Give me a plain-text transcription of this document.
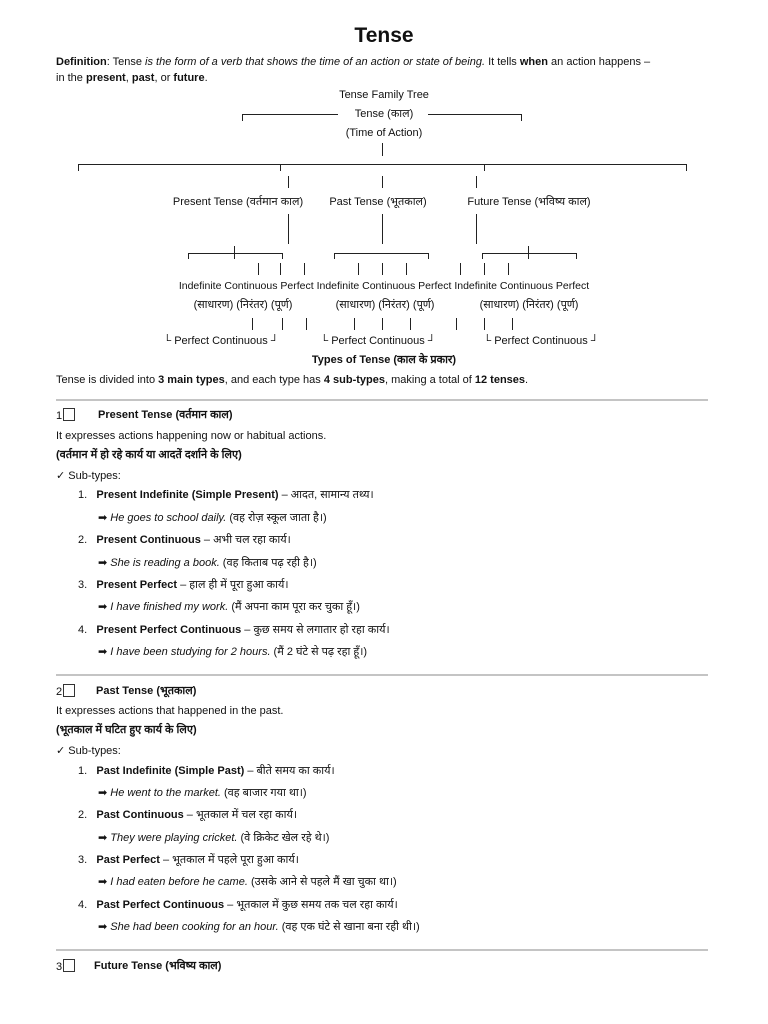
Tense
Definition: Tense is the form of a verb that shows the time of an action or state of being. It tells when an action happens –
in the present, past, or future.
Tense Family Tree
Tense (काल)
(Time of Action)
Present Tense (वर्तमान काल)	Past Tense (भूतकाल)	Future Tense (भविष्य काल)
Indefinite Continuous Perfect Indefinite Continuous Perfect Indefinite Continuous Perfect
(साधारण) (निरंतर) (पूर्ण)	(साधारण) (निरंतर) (पूर्ण)	(साधारण) (निरंतर) (पूर्ण)
└ Perfect Continuous ┘	└ Perfect Continuous ┘	└ Perfect Continuous ┘
Types of Tense (काल के प्रकार)
Tense is divided into 3 main types, and each type has 4 sub-types, making a total of 12 tenses.
1	Present Tense (वर्तमान काल)
It expresses actions happening now or habitual actions.
(वर्तमान में हो रहे कार्य या आदतें दर्शाने के लिए)
✓ Sub-types:
1. Present Indefinite (Simple Present) – आदत, सामान्य तथ्य।
➡ He goes to school daily. (वह रोज़ स्कूल जाता है।)
2. Present Continuous – अभी चल रहा कार्य।
➡ She is reading a book. (वह किताब पढ़ रही है।)
3. Present Perfect – हाल ही में पूरा हुआ कार्य।
➡ I have finished my work. (मैं अपना काम पूरा कर चुका हूँ।)
4. Present Perfect Continuous – कुछ समय से लगातार हो रहा कार्य।
➡ I have been studying for 2 hours. (मैं 2 घंटे से पढ़ रहा हूँ।)
2	Past Tense (भूतकाल)
It expresses actions that happened in the past.
(भूतकाल में घटित हुए कार्य के लिए)
✓ Sub-types:
1. Past Indefinite (Simple Past) – बीते समय का कार्य।
➡ He went to the market. (वह बाजार गया था।)
2. Past Continuous – भूतकाल में चल रहा कार्य।
➡ They were playing cricket. (वे क्रिकेट खेल रहे थे।)
3. Past Perfect – भूतकाल में पहले पूरा हुआ कार्य।
➡ I had eaten before he came. (उसके आने से पहले मैं खा चुका था।)
4. Past Perfect Continuous – भूतकाल में कुछ समय तक चल रहा कार्य।
➡ She had been cooking for an hour. (वह एक घंटे से खाना बना रही थी।)
3	Future Tense (भविष्य काल)
